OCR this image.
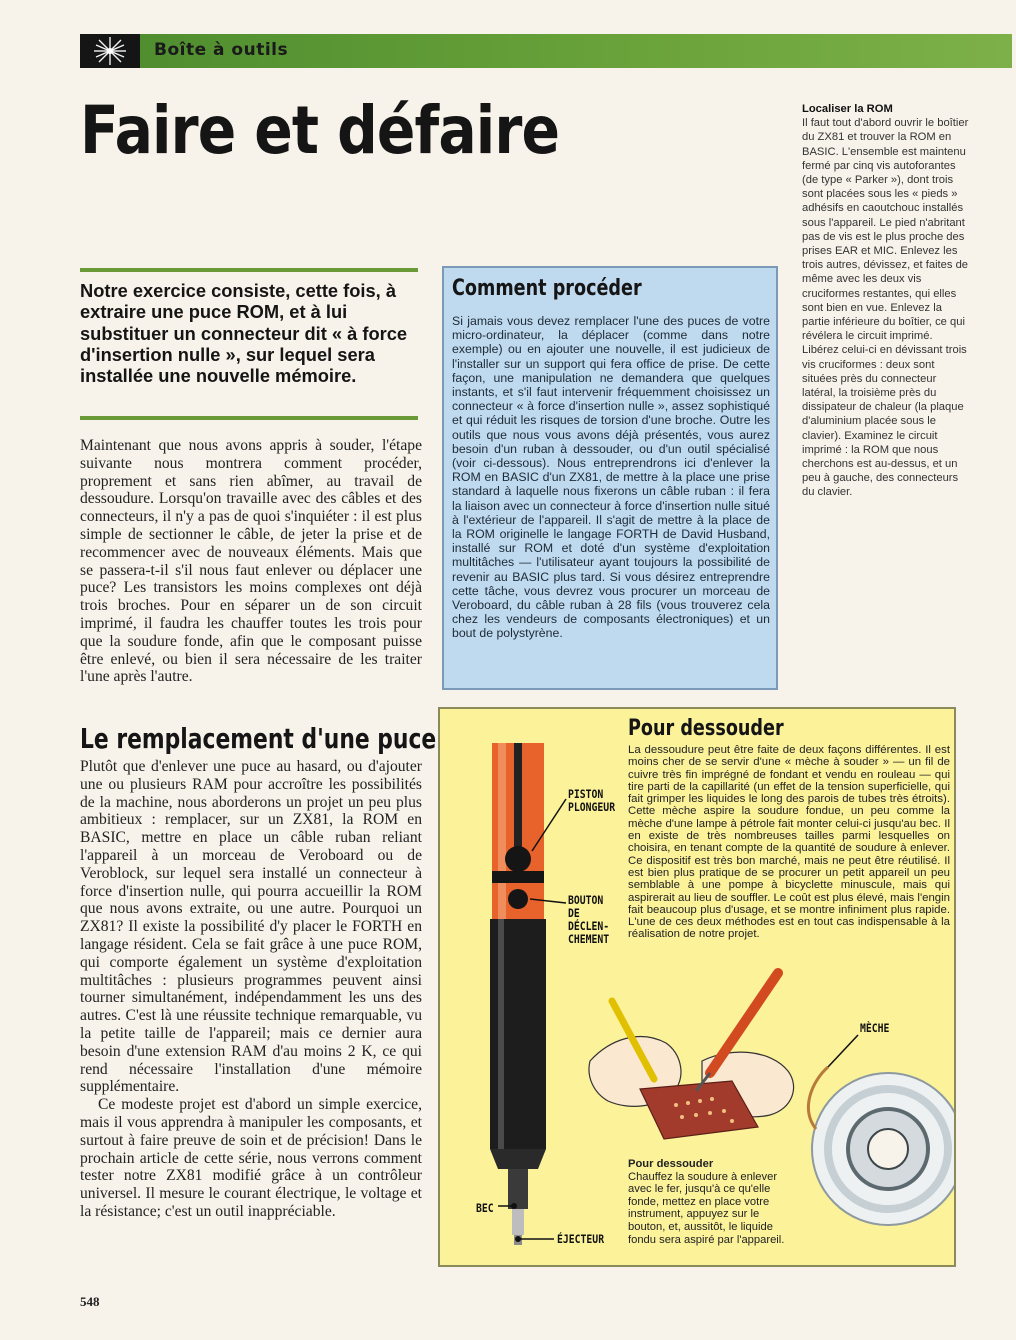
Boîte à outils
Faire et défaire	Localiser la ROM
Il faut tout d'abord ouvrir le boîtier du ZX81 et trouver la ROM en BASIC. L'ensemble est maintenu fermé par cinq vis autoforantes (de type « Parker »), dont trois sont placées sous les « pieds » adhésifs en caoutchouc installés sous l'appareil. Le pied n'abritant pas de vis est le plus proche des prises EAR et MIC. Enlevez les trois autres, dévissez, et faites de même avec les deux vis cruciformes restantes, qui elles sont bien en vue. Enlevez la partie inférieure du boîtier, ce qui révélera le circuit imprimé. Libérez celui-ci en dévissant trois vis cruciformes : deux sont situées près du connecteur latéral, la troisième près du dissipateur de chaleur (la plaque d'aluminium placée sous le clavier). Examinez le circuit imprimé : la ROM que nous cherchons est au-dessus, et un peu à gauche, des connecteurs du clavier.
Notre exercice consiste, cette fois, à extraire une puce ROM, et à lui substituer un connecteur dit « à force d'insertion nulle », sur lequel sera installée une nouvelle mémoire.
Maintenant que nous avons appris à souder, l'étape suivante nous montrera comment procéder, proprement et sans rien abîmer, au travail de dessoudure. Lorsqu'on travaille avec des câbles et des connecteurs, il n'y a pas de quoi s'inquiéter : il est plus simple de sectionner le câble, de jeter la prise et de recommencer avec de nouveaux éléments. Mais que se passera-t-il s'il nous faut enlever ou déplacer une puce? Les transistors les moins complexes ont déjà trois broches. Pour en séparer un de son circuit imprimé, il faudra les chauffer toutes les trois pour que la soudure fonde, afin que le composant puisse être enlevé, ou bien il sera nécessaire de les traiter l'une après l'autre.
Le remplacement d'une puce

Plutôt que d'enlever une puce au hasard, ou d'ajouter une ou plusieurs RAM pour accroître les possibilités de la machine, nous aborderons un projet un peu plus ambitieux : remplacer, sur un ZX81, la ROM en BASIC, mettre en place un câble ruban reliant l'appareil à un morceau de Veroboard ou de Veroblock, sur lequel sera installé un connecteur à force d'insertion nulle, qui pourra accueillir la ROM que nous avons extraite, ou une autre. Pourquoi un ZX81? Il existe la possibilité d'y placer le FORTH en langage résident. Cela se fait grâce à une puce ROM, qui comporte également un système d'exploitation multitâches : plusieurs programmes peuvent ainsi tourner simultanément, indépendamment les uns des autres. C'est là une réussite technique remarquable, vu la petite taille de l'appareil; mais ce dernier aura besoin d'une extension RAM d'au moins 2 K, ce qui rend nécessaire l'installation d'une mémoire supplémentaire.

Ce modeste projet est d'abord un simple exercice, mais il vous apprendra à manipuler les composants, et surtout à faire preuve de soin et de précision! Dans le prochain article de cette série, nous verrons comment tester notre ZX81 modifié grâce à un contrôleur universel. Il mesure le courant électrique, le voltage et la résistance; c'est un outil inappréciable.

Comment procéder
Si jamais vous devez remplacer l'une des puces de votre micro-ordinateur, la déplacer (comme dans notre exemple) ou en ajouter une nouvelle, il est judicieux de l'installer sur un support qui fera office de prise. De cette façon, une manipulation ne demandera que quelques instants, et s'il faut intervenir fréquemment choisissez un connecteur « à force d'insertion nulle », assez sophistiqué et qui réduit les risques de torsion d'une broche. Outre les outils que nous vous avons déjà présentés, vous aurez besoin d'un ruban à dessouder, ou d'un outil spécialisé (voir ci-dessous). Nous entreprendrons ici d'enlever la ROM en BASIC d'un ZX81, de mettre à la place une prise standard à laquelle nous fixerons un câble ruban : il fera la liaison avec un connecteur à force d'insertion nulle situé à l'extérieur de l'appareil. Il s'agit de mettre à la place de la ROM originelle le langage FORTH de David Husband, installé sur ROM et doté d'un système d'exploitation multitâches — l'utilisateur ayant toujours la possibilité de revenir au BASIC plus tard. Si vous désirez entreprendre cette tâche, vous devrez vous procurer un morceau de Veroboard, du câble ruban à 28 fils (vous trouverez cela chez les vendeurs de composants électroniques) et un bout de polystyrène.
Pour dessouder
La dessoudure peut être faite de deux façons différentes. Il est moins cher de se servir d'une « mèche à souder » — un fil de cuivre très fin imprégné de fondant et vendu en rouleau — qui tire parti de la capillarité (un effet de la tension superficielle, qui fait grimper les liquides le long des parois de tubes très étroits). Cette mèche aspire la soudure fondue, un peu comme la mèche d'une lampe à pétrole fait monter celui-ci jusqu'au bec. Il en existe de très nombreuses tailles parmi lesquelles on choisira, en tenant compte de la quantité de soudure à enlever. Ce dispositif est très bon marché, mais ne peut être réutilisé. Il est bien plus pratique de se procurer un petit appareil un peu semblable à une pompe à bicyclette minuscule, mais qui aspirerait au lieu de souffler. Le coût est plus élevé, mais l'engin fait beaucoup plus d'usage, et se montre infiniment plus rapide. L'une de ces deux méthodes est en tout cas indispensable à la réalisation de notre projet.
PISTON
PLONGEUR
BOUTON
DE
DÉCLEN-
CHEMENT
MÈCHE
BEC
ÉJECTEUR
Pour dessouder
Chauffez la soudure à enlever avec le fer, jusqu'à ce qu'elle fonde, mettez en place votre instrument, appuyez sur le bouton, et, aussitôt, le liquide fondu sera aspiré par l'appareil.
548
